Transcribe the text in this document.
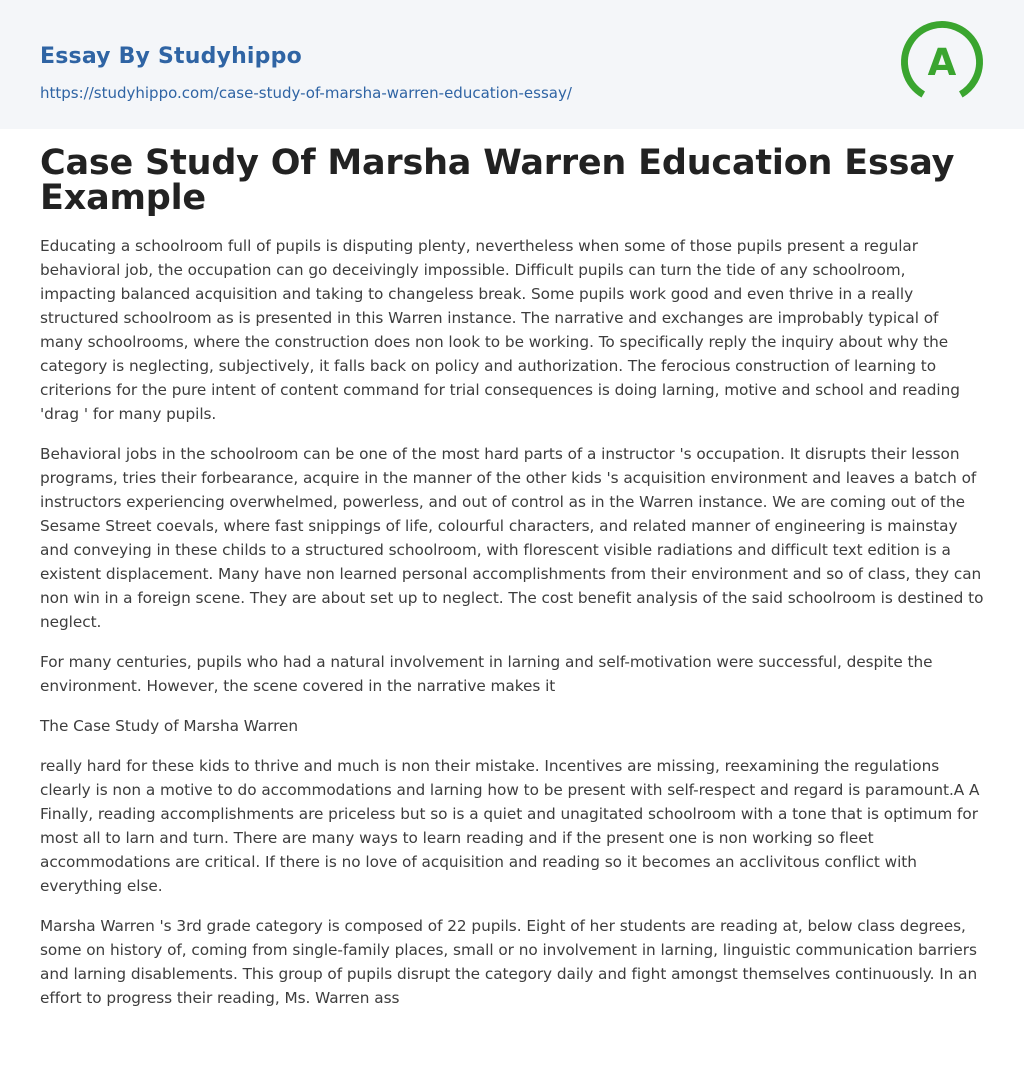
Essay By Studyhippo
https://studyhippo.com/case-study-of-marsha-warren-education-essay/
A
Case Study Of Marsha Warren Education Essay Example

Educating a schoolroom full of pupils is disputing plenty, nevertheless when some of those pupils present a regular behavioral job, the occupation can go deceivingly impossible. Difficult pupils can turn the tide of any schoolroom, impacting balanced acquisition and taking to changeless break. Some pupils work good and even thrive in a really structured schoolroom as is presented in this Warren instance. The narrative and exchanges are improbably typical of many schoolrooms, where the construction does non look to be working. To specifically reply the inquiry about why the category is neglecting, subjectively, it falls back on policy and authorization. The ferocious construction of learning to criterions for the pure intent of content command for trial consequences is doing larning, motive and school and reading 'drag ' for many pupils.

Behavioral jobs in the schoolroom can be one of the most hard parts of a instructor 's occupation. It disrupts their lesson programs, tries their forbearance, acquire in the manner of the other kids 's acquisition environment and leaves a batch of instructors experiencing overwhelmed, powerless, and out of control as in the Warren instance. We are coming out of the Sesame Street coevals, where fast snippings of life, colourful characters, and related manner of engineering is mainstay and conveying in these childs to a structured schoolroom, with florescent visible radiations and difficult text edition is a existent displacement. Many have non learned personal accomplishments from their environment and so of class, they can non win in a foreign scene. They are about set up to neglect. The cost benefit analysis of the said schoolroom is destined to neglect.

For many centuries, pupils who had a natural involvement in larning and self-motivation were successful, despite the environment. However, the scene covered in the narrative makes it

The Case Study of Marsha Warren

really hard for these kids to thrive and much is non their mistake. Incentives are missing, reexamining the regulations clearly is non a motive to do accommodations and larning how to be present with self-respect and regard is paramount.A A Finally, reading accomplishments are priceless but so is a quiet and unagitated schoolroom with a tone that is optimum for most all to larn and turn. There are many ways to learn reading and if the present one is non working so fleet accommodations are critical. If there is no love of acquisition and reading so it becomes an acclivitous conflict with everything else.

Marsha Warren 's 3rd grade category is composed of 22 pupils. Eight of her students are reading at, below class degrees, some on history of, coming from single-family places, small or no involvement in larning, linguistic communication barriers and larning disablements. This group of pupils disrupt the category daily and fight amongst themselves continuously. In an effort to progress their reading, Ms. Warren ass
